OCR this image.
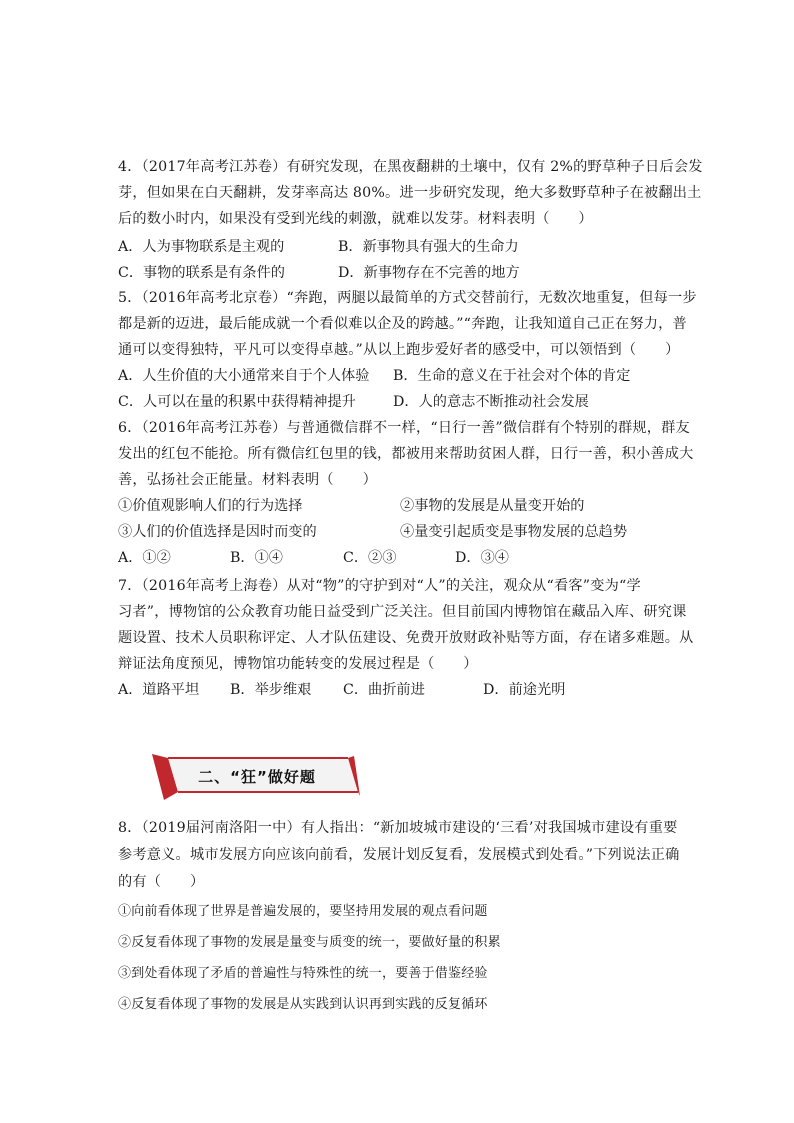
4．（2017年高考江苏卷）有研究发现，在黑夜翻耕的土壤中，仅有 2%的野草种子日后会发
芽，但如果在白天翻耕，发芽率高达 80%。进一步研究发现，绝大多数野草种子在被翻出土
后的数小时内，如果没有受到光线的刺激，就难以发芽。材料表明（　　）
A．人为事物联系是主观的	B．新事物具有强大的生命力
C．事物的联系是有条件的	D．新事物存在不完善的地方
5．（2016年高考北京卷）“奔跑，两腿以最简单的方式交替前行，无数次地重复，但每一步
都是新的迈进，最后能成就一个看似难以企及的跨越。”“奔跑，让我知道自己正在努力，普
通可以变得独特，平凡可以变得卓越。”从以上跑步爱好者的感受中，可以领悟到（　　）
A．人生价值的大小通常来自于个人体验 B．生命的意义在于社会对个体的肯定
C．人可以在量的积累中获得精神提升	D．人的意志不断推动社会发展
6．（2016年高考江苏卷）与普通微信群不一样，“日行一善”微信群有个特别的群规，群友
发出的红包不能抢。所有微信红包里的钱，都被用来帮助贫困人群，日行一善，积小善成大
善，弘扬社会正能量。材料表明（　　）
①价值观影响人们的行为选择	②事物的发展是从量变开始的
③人们的价值选择是因时而变的	④量变引起质变是事物发展的总趋势
A．①②	B．①④	C．②③	D．③④
7．（2016年高考上海卷）从对“物”的守护到对“人”的关注，观众从“看客”变为“学
习者”，博物馆的公众教育功能日益受到广泛关注。但目前国内博物馆在藏品入库、研究课
题设置、技术人员职称评定、人才队伍建设、免费开放财政补贴等方面，存在诸多难题。从
辩证法角度预见，博物馆功能转变的发展过程是（　　）
A．道路平坦 B．举步维艰 C．曲折前进	D．前途光明
二、“狂”做好题
8．（2019届河南洛阳一中）有人指出：“新加坡城市建设的‘三看’对我国城市建设有重要
参考意义。城市发展方向应该向前看，发展计划反复看，发展模式到处看。”下列说法正确
的有（　　）
①向前看体现了世界是普遍发展的，要坚持用发展的观点看问题
②反复看体现了事物的发展是量变与质变的统一，要做好量的积累
③到处看体现了矛盾的普遍性与特殊性的统一，要善于借鉴经验
④反复看体现了事物的发展是从实践到认识再到实践的反复循环
